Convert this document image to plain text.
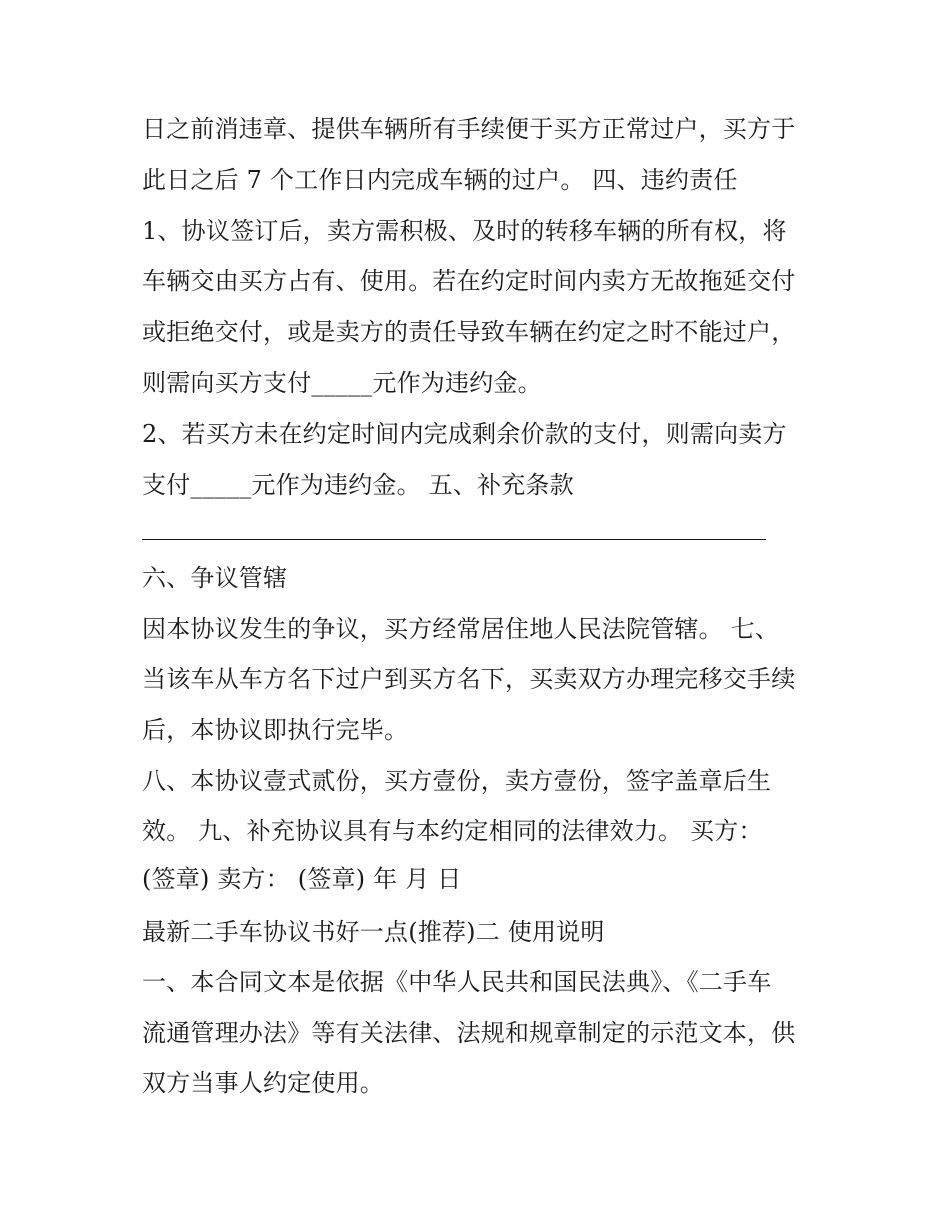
日之前消违章、提供车辆所有手续便于买方正常过户，买方于
此日之后 7 个工作日内完成车辆的过户。 四、违约责任
1、协议签订后，卖方需积极、及时的转移车辆的所有权，将
车辆交由买方占有、使用。若在约定时间内卖方无故拖延交付
或拒绝交付，或是卖方的责任导致车辆在约定之时不能过户，
则需向买方支付_____元作为违约金。
2、若买方未在约定时间内完成剩余价款的支付，则需向卖方
支付_____元作为违约金。 五、补充条款
六、争议管辖
因本协议发生的争议，买方经常居住地人民法院管辖。 七、
当该车从车方名下过户到买方名下，买卖双方办理完移交手续
后，本协议即执行完毕。
八、本协议壹式贰份，买方壹份，卖方壹份，签字盖章后生
效。 九、补充协议具有与本约定相同的法律效力。 买方：
(签章) 卖方： (签章) 年 月 日
最新二手车协议书好一点(推荐)二 使用说明
一、本合同文本是依据《中华人民共和国民法典》、《二手车
流通管理办法》等有关法律、法规和规章制定的示范文本，供
双方当事人约定使用。
